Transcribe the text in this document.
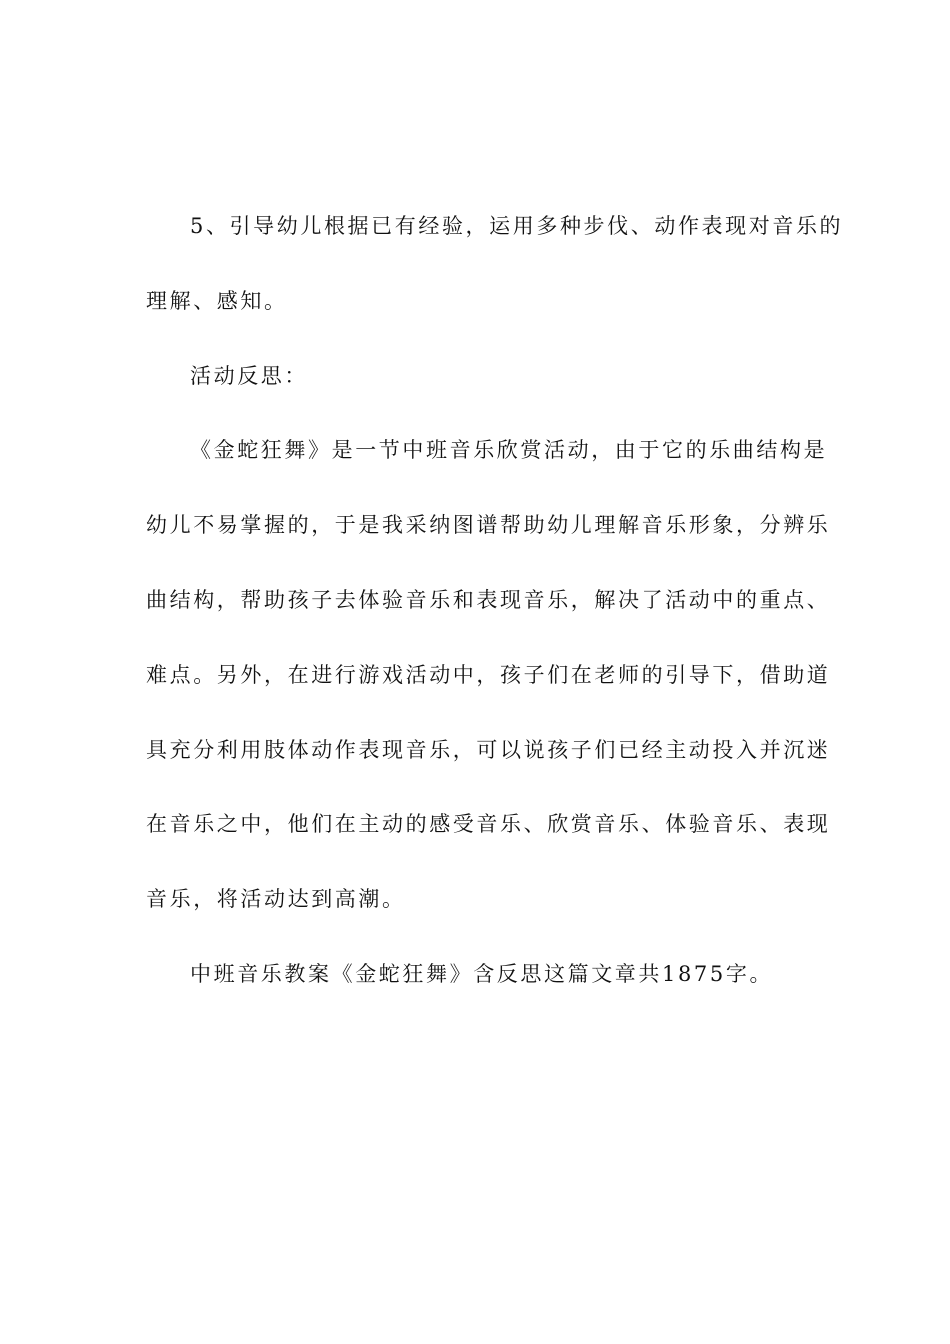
5、引导幼儿根据已有经验，运用多种步伐、动作表现对音乐的
理解、感知。
活动反思：
《金蛇狂舞》是一节中班音乐欣赏活动，由于它的乐曲结构是
幼儿不易掌握的，于是我采纳图谱帮助幼儿理解音乐形象，分辨乐
曲结构，帮助孩子去体验音乐和表现音乐，解决了活动中的重点、
难点。另外，在进行游戏活动中，孩子们在老师的引导下，借助道
具充分利用肢体动作表现音乐，可以说孩子们已经主动投入并沉迷
在音乐之中，他们在主动的感受音乐、欣赏音乐、体验音乐、表现
音乐，将活动达到高潮。
中班音乐教案《金蛇狂舞》含反思这篇文章共1875字。
